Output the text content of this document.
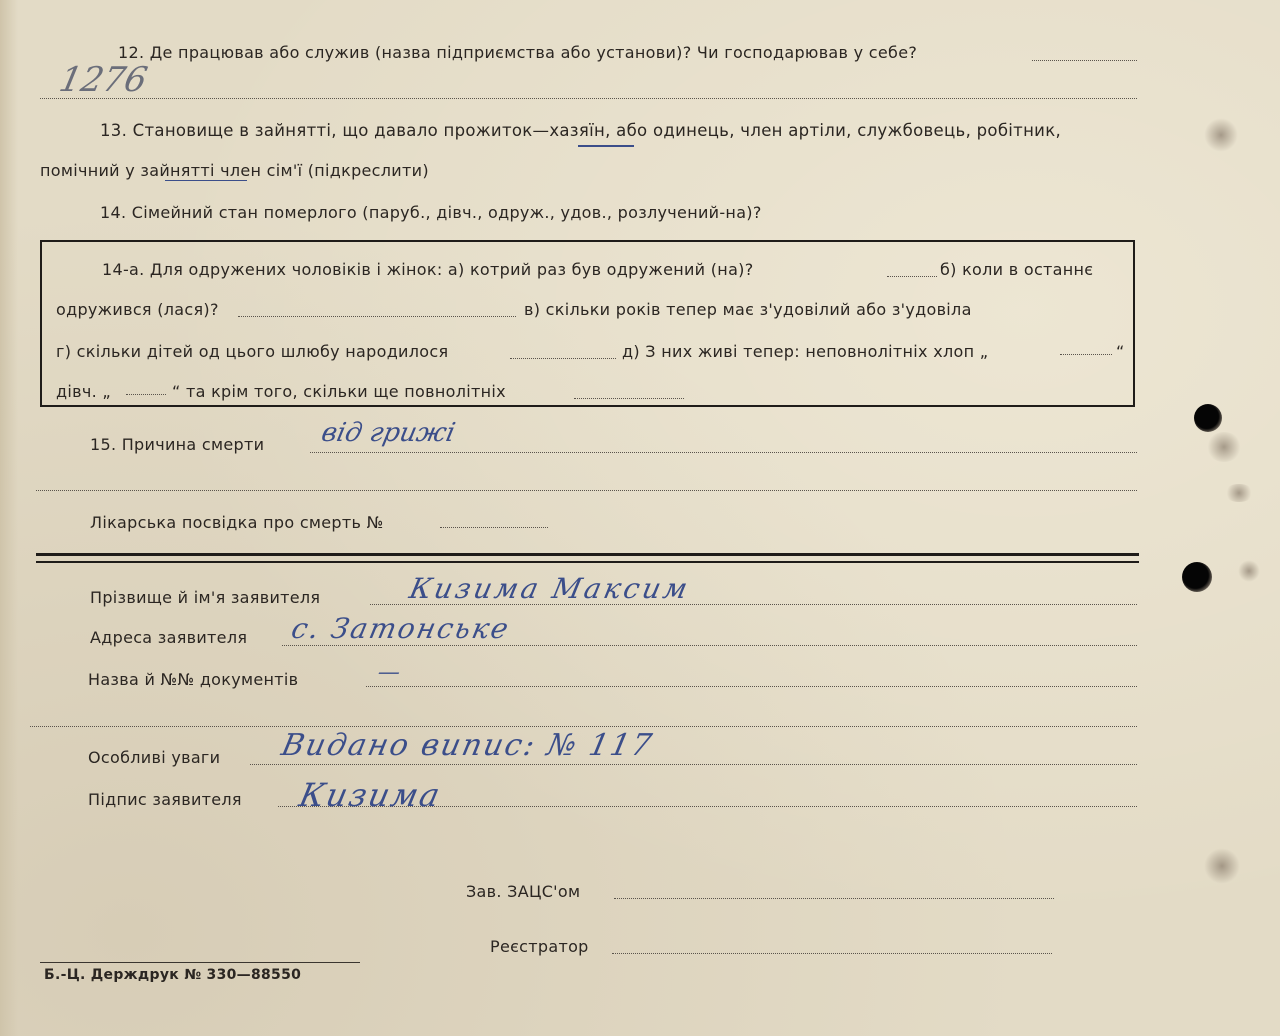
12. Де працював або служив (назва підприємства або установи)? Чи господарював у себе?
1276
13. Становище в зайнятті, що давало прожиток—хазяїн, або одинець, член артіли, службовець, робітник,
помічний у зайнятті член сім'ї (підкреслити)
14. Сімейний стан померлого (паруб., дівч., одруж., удов., розлучений-на)?
14-а. Для одружених чоловіків і жінок: а) котрий раз був одружений (на)?	б) коли в останнє
одружився (лася)?	в) скільки років тепер має з'удовілий або з'удовіла
г) скільки дітей од цього шлюбу народилося	д) З них живі тепер: неповнолітніх хлоп „	“
дівч. „	“ та крім того, скільки ще повнолітніх
15. Причина смерти від грижі
Лікарська посвідка про смерть №
Прізвище й ім'я заявителя	Кизима Максим
Адреса заявителя с. Затонське
Назва й №№ документів	—
Особливі уваги Видано випис: № 117
Підпис заявителя Кизима
Зав. ЗАЦС'ом
Реєстратор
Б.-Ц. Держдрук № 330—88550
